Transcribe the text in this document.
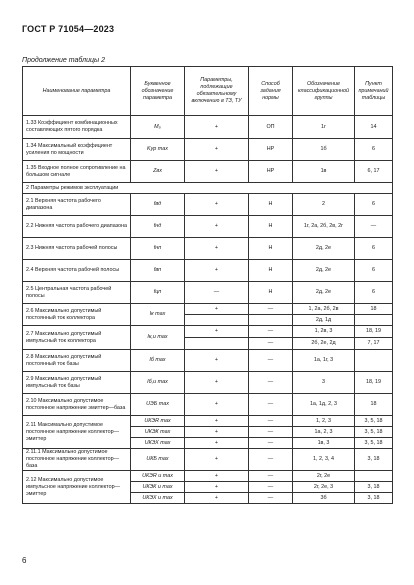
ГОСТ Р 71054—2023
Продолжение таблицы 2
Наименование параметра	Буквенное обозначение параметра	Параметры, подлежащие обязательному включению в ТЗ, ТУ	Способ задания нормы	Обозначение классификационной группы	Пункт примечаний таблицы
1.33 Коэффициент комбинационных составляющих пятого порядка	M₅	+	ОП	1г	14
1.34 Максимальный коэффициент усиления по мощности	Kур max	+	НР	1б	6
1.35 Входное полное сопротивление на большом сигнале	Zвх	+	НР	1в	6, 17
2 Параметры режимов эксплуатации					
2.1 Верхняя частота рабочего диапазона	fвд	+	Н	2	6
2.2 Нижняя частота рабочего диапазона	fнд	+	Н	1г, 2а, 2б, 2в, 2г	—
2.3 Нижняя частота рабочей полосы	fнп	+	Н	2д, 2е	6
2.4 Верхняя частота рабочей полосы	fвп	+	Н	2д, 2е	6
2.5 Центральная частота рабочей полосы	fцп	—	Н	2д, 2е	6
2.6 Максимально допустимый постоянный ток коллектора	Iк max	+	—	1, 2а, 2б, 2в	18
				2д, 1д	
2.7 Максимально допустимый импульсный ток коллектора	Iк,и max	+	—	1, 2в, 3	18, 19
			—	2б, 2е, 2д	7, 17
2.8 Максимально допустимый постоянный ток базы	Iб max	+	—	1а, 1г, 3	
2.9 Максимально допустимый импульсный ток базы	Iб,и max	+	—	3	18, 19
2.10 Максимально допустимое постоянное напряжение эмиттер—база	UЭБ max	+	—	1а, 1д, 2, 3	18
2.11 Максимально допустимое постоянное напряжение коллектор—эмиттер	UКЭR max	+	—	1, 2, 3	3, 5, 18
	UКЭК max	+	—	1а, 2, 3	3, 5, 18
	UКЭХ max	+	—	1в, 3	3, 5, 18
2.11.1 Максимально допустимое постоянное напряжение коллектор—база	UКБ max	+	—	1, 2, 3, 4	3, 18
2.12 Максимально допустимое импульсное напряжение коллектор—эмиттер	UКЭR и max	+	—	2г, 2е	
	UКЭК и max	+	—	2г, 2е, 3	3, 18
	UКЭХ и max	+	—	3б	3, 18
6
